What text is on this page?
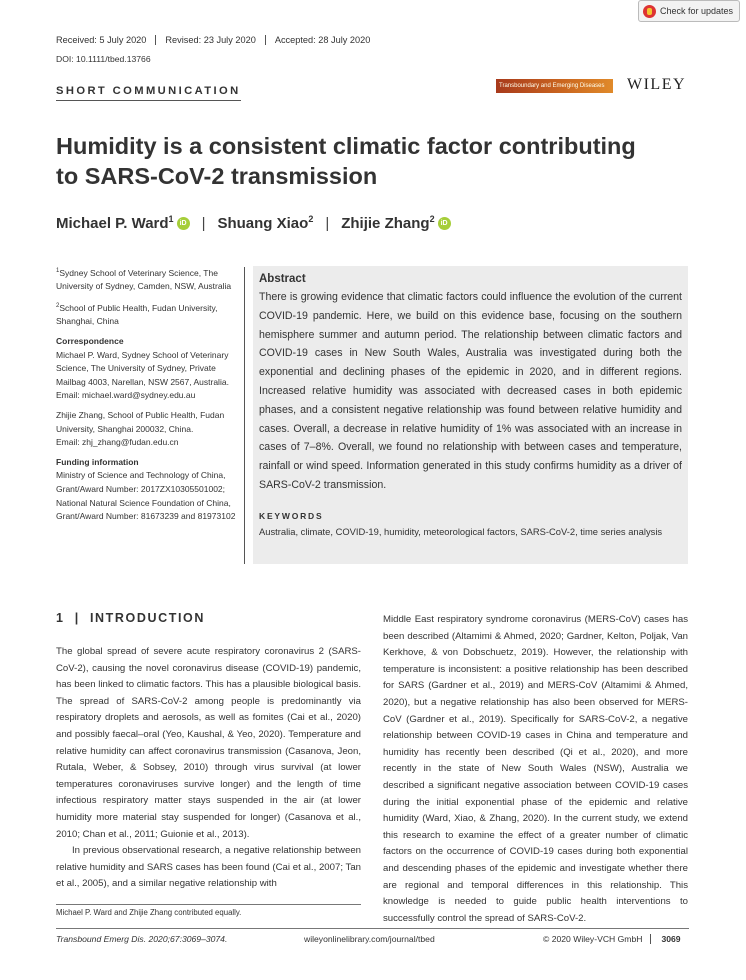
Check for updates
Received: 5 July 2020	Revised: 23 July 2020	Accepted: 28 July 2020
DOI: 10.1111/tbed.13766
SHORT COMMUNICATION	Transboundary and Emerging Diseases	WILEY
Humidity is a consistent climatic factor contributing to SARS-CoV-2 transmission
Michael P. Ward$^1$ iD | Shuang Xiao$^2$ | Zhijie Zhang$^2$ iD

$^1$Sydney School of Veterinary Science, The University of Sydney, Camden, NSW, Australia

$^2$School of Public Health, Fudan University, Shanghai, China

Correspondence

Michael P. Ward, Sydney School of Veterinary Science, The University of Sydney, Private Mailbag 4003, Narellan, NSW 2567, Australia.
Email: michael.ward@sydney.edu.au

Zhijie Zhang, School of Public Health, Fudan University, Shanghai 200032, China.
Email: zhj_zhang@fudan.edu.cn

Funding information

Ministry of Science and Technology of China, Grant/Award Number: 2017ZX10305501002; National Natural Science Foundation of China, Grant/Award Number: 81673239 and 81973102

Abstract
There is growing evidence that climatic factors could influence the evolution of the current COVID-19 pandemic. Here, we build on this evidence base, focusing on the southern hemisphere summer and autumn period. The relationship between climatic factors and COVID-19 cases in New South Wales, Australia was investigated during both the exponential and declining phases of the epidemic in 2020, and in different regions. Increased relative humidity was associated with decreased cases in both epidemic phases, and a consistent negative relationship was found between relative humidity and cases. Overall, a decrease in relative humidity of 1% was associated with an increase in cases of 7–8%. Overall, we found no relationship with between cases and temperature, rainfall or wind speed. Information generated in this study confirms humidity as a driver of SARS-CoV-2 transmission.
KEYWORDS
Australia, climate, COVID-19, humidity, meteorological factors, SARS-CoV-2, time series analysis
1  |  INTRODUCTION

The global spread of severe acute respiratory coronavirus 2 (SARS-CoV-2), causing the novel coronavirus disease (COVID-19) pandemic, has been linked to climatic factors. This has a plausible biological basis. The spread of SARS-CoV-2 among people is predominantly via respiratory droplets and aerosols, as well as fomites (Cai et al., 2020) and possibly faecal–oral (Yeo, Kaushal, & Yeo, 2020). Temperature and relative humidity can affect coronavirus transmission (Casanova, Jeon, Rutala, Weber, & Sobsey, 2010) through virus survival (at lower temperatures coronaviruses survive longer) and the length of time infectious respiratory matter stays suspended in the air (at lower humidity more material stay suspended for longer) (Casanova et al., 2010; Chan et al., 2011; Guionie et al., 2013).

In previous observational research, a negative relationship between relative humidity and SARS cases has been found (Cai et al., 2007; Tan et al., 2005), and a similar negative relationship with

Middle East respiratory syndrome coronavirus (MERS-CoV) cases has been described (Altamimi & Ahmed, 2020; Gardner, Kelton, Poljak, Van Kerkhove, & von Dobschuetz, 2019). However, the relationship with temperature is inconsistent: a positive relationship has been described for SARS (Gardner et al., 2019) and MERS-CoV (Altamimi & Ahmed, 2020), but a negative relationship has also been observed for MERS-CoV (Gardner et al., 2019). Specifically for SARS-CoV-2, a negative relationship between COVID-19 cases in China and temperature and humidity has recently been described (Qi et al., 2020), and more recently in the state of New South Wales (NSW), Australia we described a significant negative association between COVID-19 cases during the initial exponential phase of the epidemic and relative humidity (Ward, Xiao, & Zhang, 2020). In the current study, we extend this research to examine the effect of a greater number of climatic factors on the occurrence of COVID-19 cases during both exponential and descending phases of the epidemic and investigate whether there are regional and temporal differences in this relationship. This knowledge is needed to guide public health interventions to successfully control the spread of SARS-CoV-2.

Michael P. Ward and Zhijie Zhang contributed equally.
Transbound Emerg Dis. 2020;67:3069–3074.	wileyonlinelibrary.com/journal/tbed	© 2020 Wiley-VCH GmbH	3069
